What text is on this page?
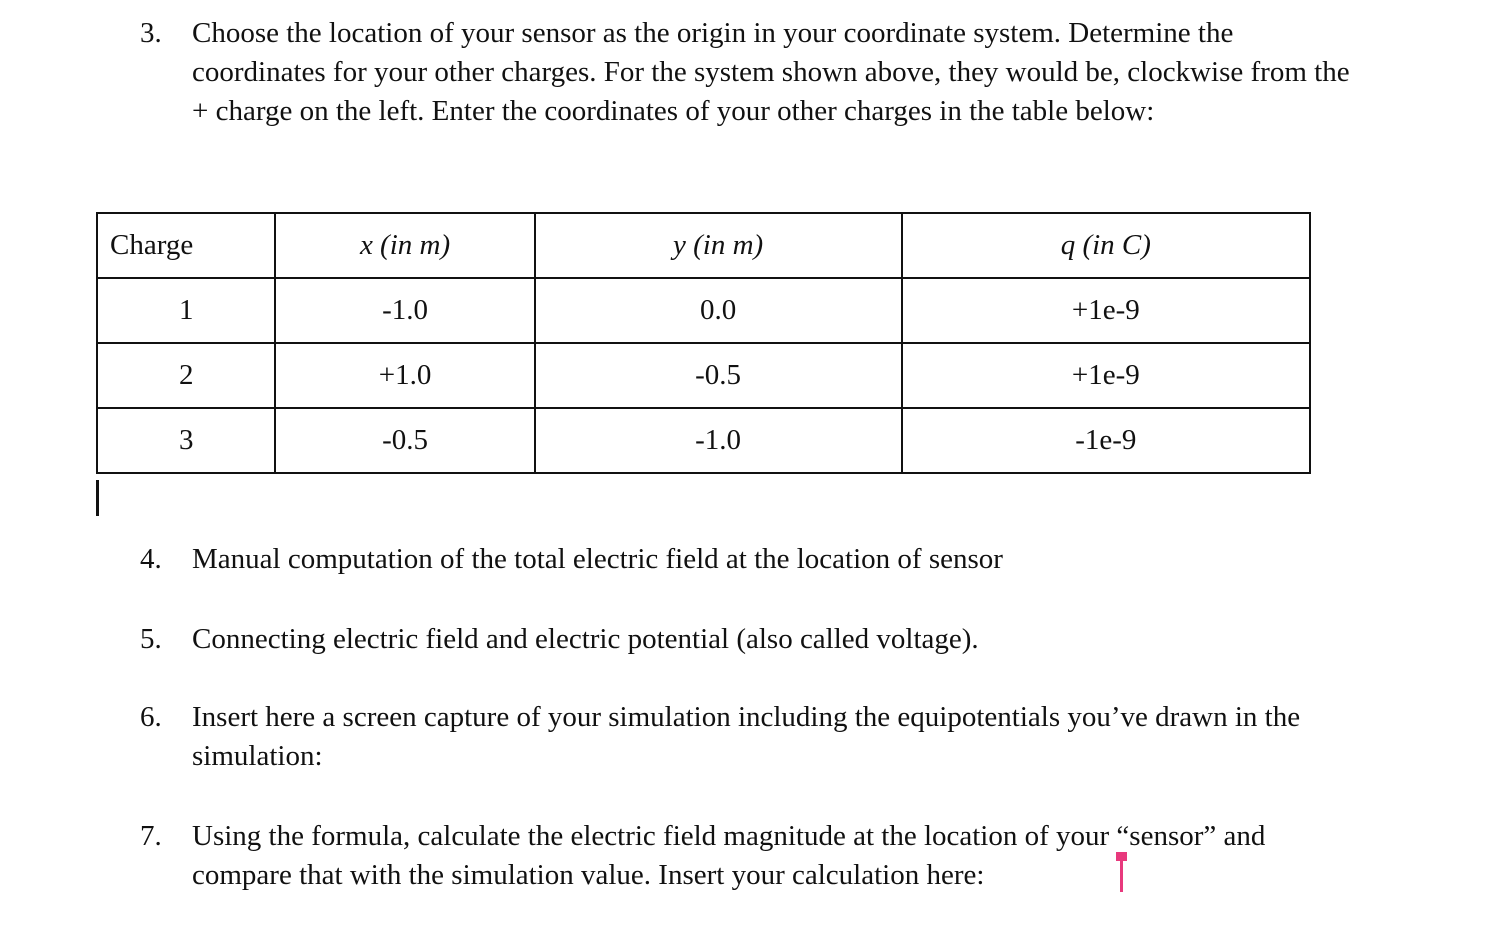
3.	Choose the location of your sensor as the origin in your coordinate system. Determine the coordinates for your other charges. For the system shown above, they would be, clockwise from the + charge on the left. Enter the coordinates of your other charges in the table below:
Charge	x (in m)	y (in m)	q (in C)
1	-1.0	0.0	+1e-9
2	+1.0	-0.5	+1e-9
3	-0.5	-1.0	-1e-9
4.	Manual computation of the total electric field at the location of sensor
5.	Connecting electric field and electric potential (also called voltage).
6.	Insert here a screen capture of your simulation including the equipotentials you’ve drawn in the simulation:
7.	Using the formula, calculate the electric field magnitude at the location of your “sensor” and compare that with the simulation value. Insert your calculation here:
